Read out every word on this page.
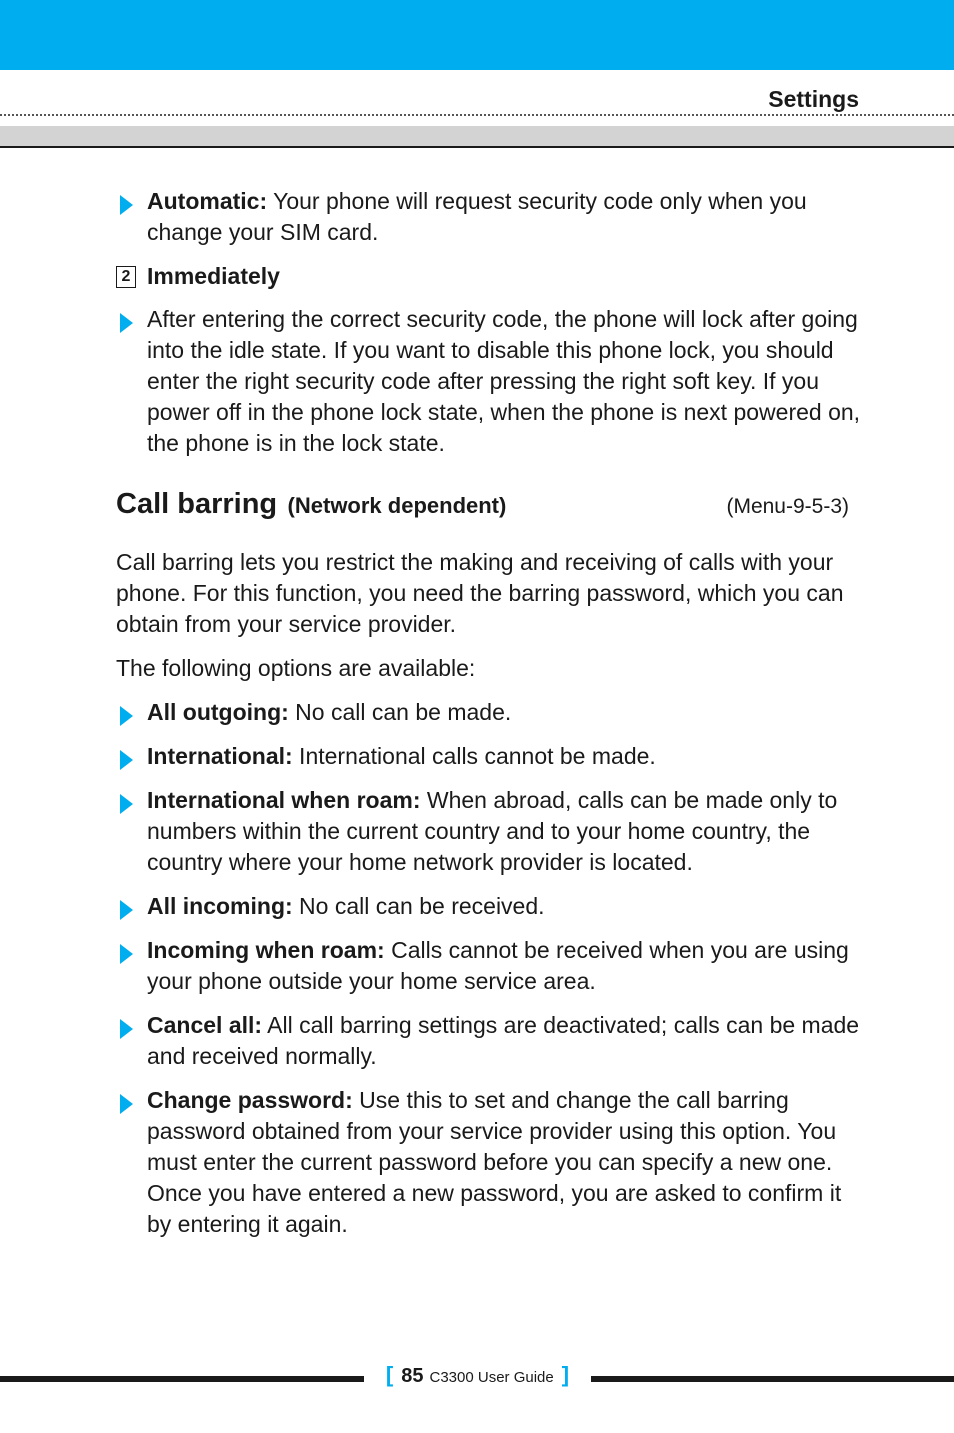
Settings
Automatic: Your phone will request security code only when you change your SIM card.
2 Immediately
After entering the correct security code, the phone will lock after going into the idle state. If you want to disable this phone lock, you should enter the right security code after pressing the right soft key. If you power off in the phone lock state, when the phone is next powered on, the phone is in the lock state.
Call barring (Network dependent)	(Menu-9-5-3)

Call barring lets you restrict the making and receiving of calls with your phone. For this function, you need the barring password, which you can obtain from your service provider.

The following options are available:

All outgoing: No call can be made.
International: International calls cannot be made.
International when roam: When abroad, calls can be made only to numbers within the current country and to your home country, the country where your home network provider is located.
All incoming: No call can be received.
Incoming when roam: Calls cannot be received when you are using your phone outside your home service area.
Cancel all: All call barring settings are deactivated; calls can be made and received normally.
Change password: Use this to set and change the call barring password obtained from your service provider using this option. You must enter the current password before you can specify a new one. Once you have entered a new password, you are asked to confirm it by entering it again.
[ 85 C3300 User Guide ]
